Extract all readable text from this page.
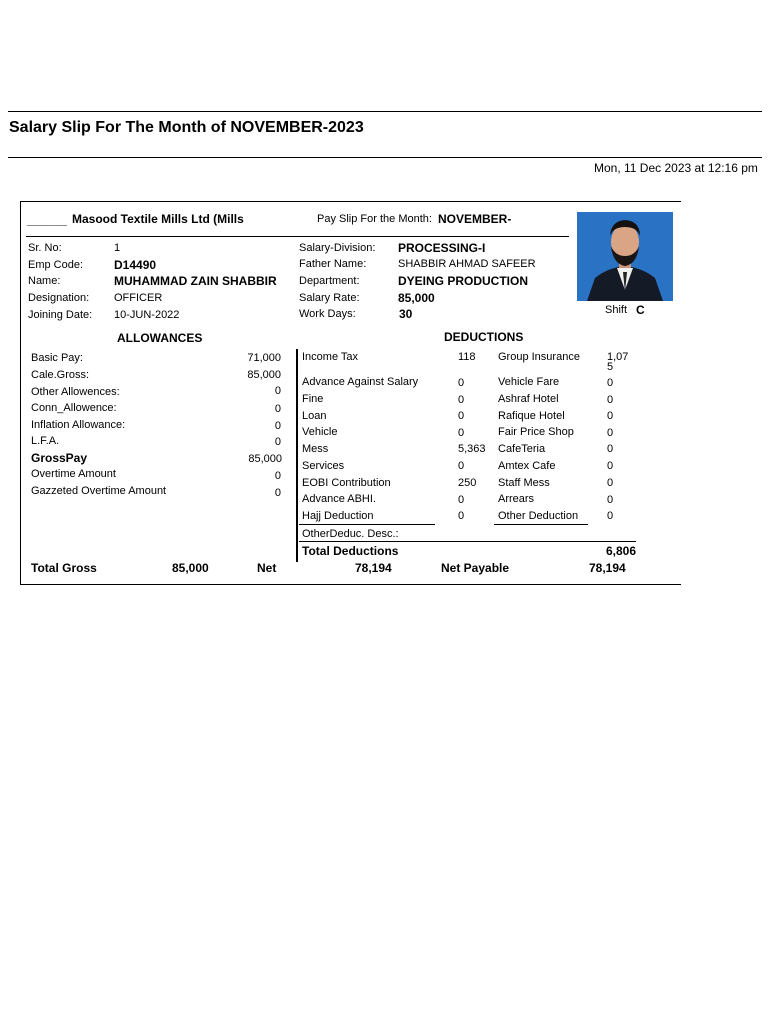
Salary Slip For The Month of NOVEMBER-2023
Mon, 11 Dec 2023 at 12:16 pm
______ Masood Textile Mills Ltd (Mills	Pay Slip For the Month: NOVEMBER-
Shift C
Sr. No:	1
Emp Code:	D14490
Name:	MUHAMMAD ZAIN SHABBIR
Designation: OFFICER
Joining Date: 10-JUN-2022
Salary-Division: PROCESSING-I
Father Name:	SHABBIR AHMAD SAFEER
Department:	DYEING PRODUCTION
Salary Rate:	85,000
Work Days:	30
ALLOWANCES	DEDUCTIONS
Basic Pay:	71,000
Cale.Gross:	85,000
Other Allowences:	0
Conn_Allowence:	0
Inflation Allowance:	0
L.F.A.	0
GrossPay	85,000
Overtime Amount	0
Gazzeted Overtime Amount	0
Income Tax	118
Advance Against Salary	0
Fine	0
Loan	0
Vehicle	0
Mess	5,363
Services	0
EOBI Contribution	250
Advance ABHI.	0
Hajj Deduction	0
Group Insurance 1,07
5
Vehicle Fare	0
Ashraf Hotel	0
Rafique Hotel	0
Fair Price Shop	0
CafeTeria	0
Amtex Cafe	0
Staff Mess	0
Arrears	0
Other Deduction	0
OtherDeduc. Desc.:
Total Deductions	6,806
Total Gross	85,000	Net	78,194	Net Payable	78,194
